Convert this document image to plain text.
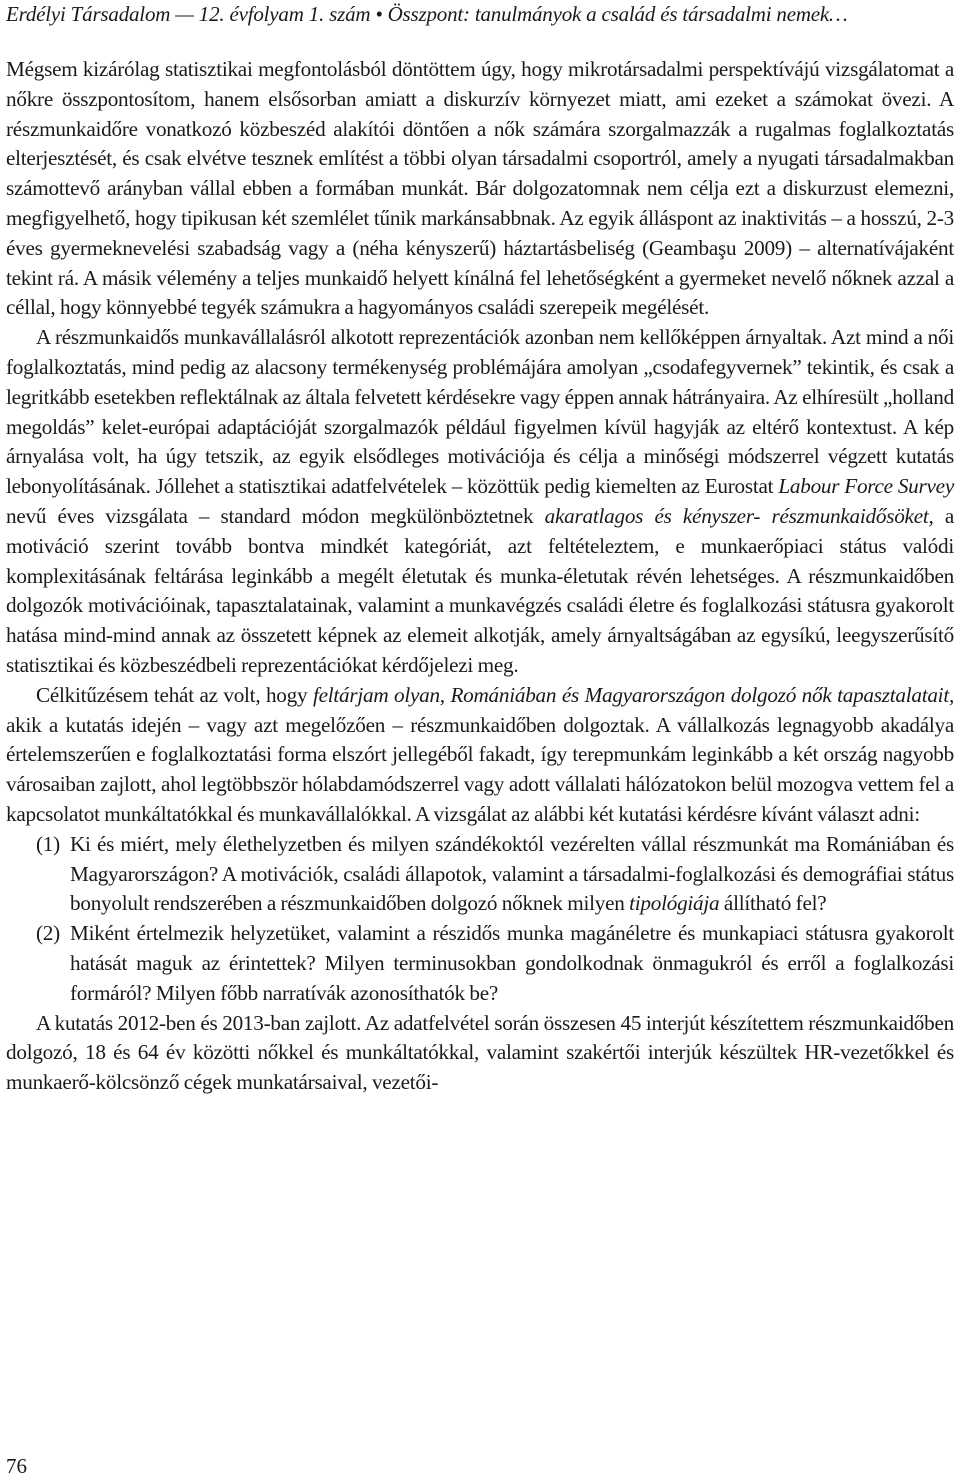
Erdélyi Társadalom — 12. évfolyam 1. szám • Összpont: tanulmányok a család és társadalmi nemek…

Mégsem kizárólag statisztikai megfontolásból döntöttem úgy, hogy mikrotársadalmi perspektívájú vizsgálatomat a nőkre összpontosítom, hanem elsősorban amiatt a diskurzív környezet miatt, ami ezeket a számokat övezi. A részmunkaidőre vonatkozó közbeszéd alakítói döntően a nők számára szorgalmazzák a rugalmas foglalkoztatás elterjesztését, és csak elvétve tesznek említést a többi olyan társadalmi csoportról, amely a nyugati társadalmakban számottevő arányban vállal ebben a formában munkát. Bár dolgozatomnak nem célja ezt a diskurzust elemezni, megfigyelhető, hogy tipikusan két szemlélet tűnik markánsabbnak. Az egyik álláspont az inaktivitás – a hosszú, 2-3 éves gyermeknevelési szabadság vagy a (néha kényszerű) háztartásbeliség (Geambaşu 2009) – alternatívájaként tekint rá. A másik vélemény a teljes munkaidő helyett kínálná fel lehetőségként a gyermeket nevelő nőknek azzal a céllal, hogy könnyebbé tegyék számukra a hagyományos családi szerepeik megélését.

A részmunkaidős munkavállalásról alkotott reprezentációk azonban nem kellőképpen árnyaltak. Azt mind a női foglalkoztatás, mind pedig az alacsony termékenység problémájára amolyan „csodafegyvernek” tekintik, és csak a legritkább esetekben reflektálnak az általa felvetett kérdésekre vagy éppen annak hátrányaira. Az elhíresült „holland megoldás” kelet-európai adaptációját szorgalmazók például figyelmen kívül hagyják az eltérő kontextust. A kép árnyalása volt, ha úgy tetszik, az egyik elsődleges motivációja és célja a minőségi módszerrel végzett kutatás lebonyolításának. Jóllehet a statisztikai adatfelvételek – közöttük pedig kiemelten az Eurostat Labour Force Survey nevű éves vizsgálata – standard módon megkülönböztetnek akaratlagos és kényszer- részmunkaidősöket, a motiváció szerint tovább bontva mindkét kategóriát, azt feltételeztem, e munkaerőpiaci státus valódi komplexitásának feltárása leginkább a megélt életutak és munka-életutak révén lehetséges. A részmunkaidőben dolgozók motivációinak, tapasztalatainak, valamint a munkavégzés családi életre és foglalkozási státusra gyakorolt hatása mind-mind annak az összetett képnek az elemeit alkotják, amely árnyaltságában az egysíkú, leegyszerűsítő statisztikai és közbeszédbeli reprezentációkat kérdőjelezi meg.

Célkitűzésem tehát az volt, hogy feltárjam olyan, Romániában és Magyarországon dolgozó nők tapasztalatait, akik a kutatás idején – vagy azt megelőzően – részmunkaidőben dolgoztak. A vállalkozás legnagyobb akadálya értelemszerűen e foglalkoztatási forma elszórt jellegéből fakadt, így terepmunkám leginkább a két ország nagyobb városaiban zajlott, ahol legtöbbször hólabdamódszerrel vagy adott vállalati hálózatokon belül mozogva vettem fel a kapcsolatot munkáltatókkal és munkavállalókkal. A vizsgálat az alábbi két kutatási kérdésre kívánt választ adni:

(1) Ki és miért, mely élethelyzetben és milyen szándékoktól vezérelten vállal részmunkát ma Romániában és Magyarországon? A motivációk, családi állapotok, valamint a társadalmi-foglalkozási és demográfiai státus bonyolult rendszerében a részmunkaidőben dolgozó nőknek milyen tipológiája állítható fel?
(2) Miként értelmezik helyzetüket, valamint a részidős munka magánéletre és munkapiaci státusra gyakorolt hatását maguk az érintettek? Milyen terminusokban gondolkodnak önmagukról és erről a foglalkozási formáról? Milyen főbb narratívák azonosíthatók be?

A kutatás 2012-ben és 2013-ban zajlott. Az adatfelvétel során összesen 45 interjút készítettem részmunkaidőben dolgozó, 18 és 64 év közötti nőkkel és munkáltatókkal, valamint szakértői interjúk készültek HR-vezetőkkel és munkaerő-kölcsönző cégek munkatársaival, vezetői-

76
